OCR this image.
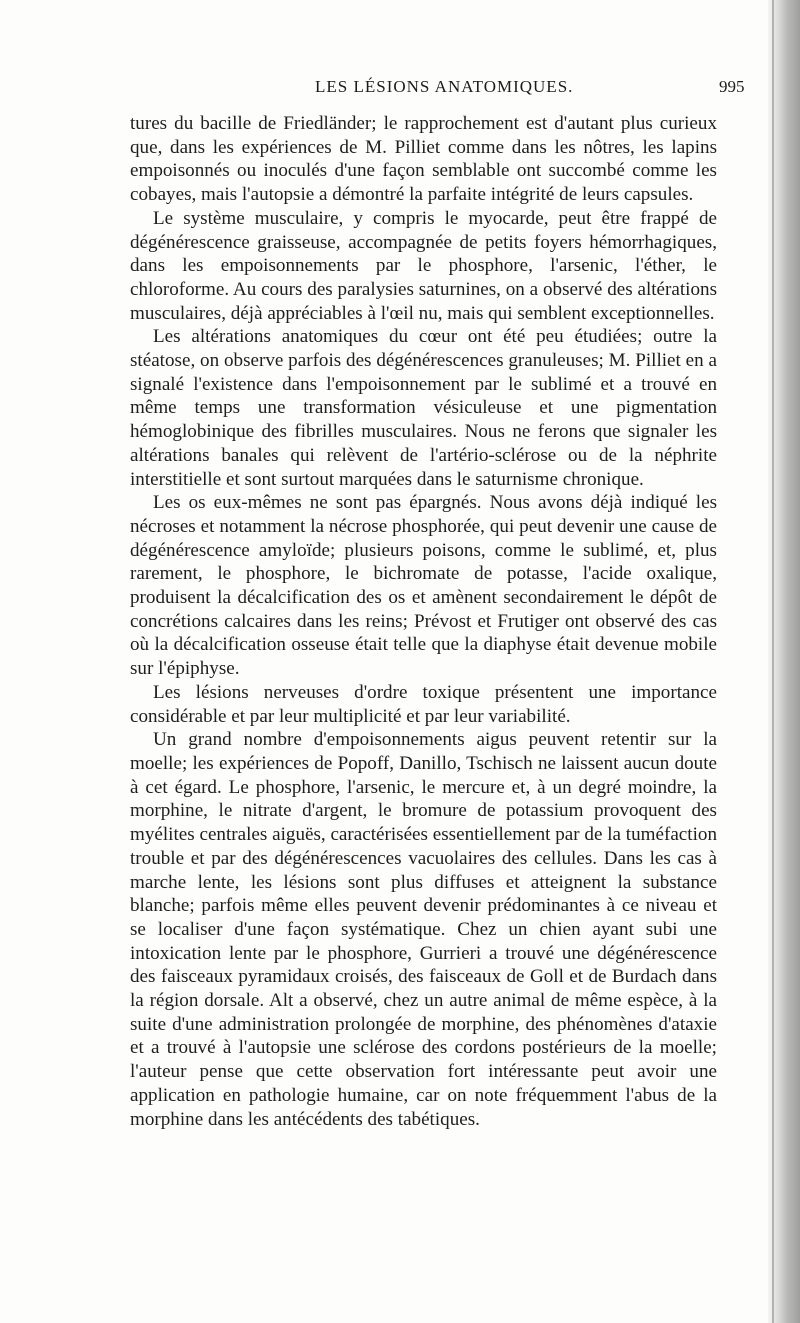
LES LÉSIONS ANATOMIQUES.	995

tures du bacille de Friedländer; le rapprochement est d'autant plus curieux que, dans les expériences de M. Pilliet comme dans les nôtres, les lapins empoisonnés ou inoculés d'une façon semblable ont succombé comme les cobayes, mais l'autopsie a démontré la parfaite intégrité de leurs capsules.

Le système musculaire, y compris le myocarde, peut être frappé de dégénérescence graisseuse, accompagnée de petits foyers hémorrhagiques, dans les empoisonnements par le phosphore, l'arsenic, l'éther, le chloroforme. Au cours des paralysies saturnines, on a observé des altérations musculaires, déjà appréciables à l'œil nu, mais qui semblent exceptionnelles.

Les altérations anatomiques du cœur ont été peu étudiées; outre la stéatose, on observe parfois des dégénérescences granuleuses; M. Pilliet en a signalé l'existence dans l'empoisonnement par le sublimé et a trouvé en même temps une transformation vésiculeuse et une pigmentation hémoglobinique des fibrilles musculaires. Nous ne ferons que signaler les altérations banales qui relèvent de l'artério-sclérose ou de la néphrite interstitielle et sont surtout marquées dans le saturnisme chronique.

Les os eux-mêmes ne sont pas épargnés. Nous avons déjà indiqué les nécroses et notamment la nécrose phosphorée, qui peut devenir une cause de dégénérescence amyloïde; plusieurs poisons, comme le sublimé, et, plus rarement, le phosphore, le bichromate de potasse, l'acide oxalique, produisent la décalcification des os et amènent secondairement le dépôt de concrétions calcaires dans les reins; Prévost et Frutiger ont observé des cas où la décalcification osseuse était telle que la diaphyse était devenue mobile sur l'épiphyse.

Les lésions nerveuses d'ordre toxique présentent une importance considérable et par leur multiplicité et par leur variabilité.

Un grand nombre d'empoisonnements aigus peuvent retentir sur la moelle; les expériences de Popoff, Danillo, Tschisch ne laissent aucun doute à cet égard. Le phosphore, l'arsenic, le mercure et, à un degré moindre, la morphine, le nitrate d'argent, le bromure de potassium provoquent des myélites centrales aiguës, caractérisées essentiellement par de la tuméfaction trouble et par des dégénérescences vacuolaires des cellules. Dans les cas à marche lente, les lésions sont plus diffuses et atteignent la substance blanche; parfois même elles peuvent devenir prédominantes à ce niveau et se localiser d'une façon systématique. Chez un chien ayant subi une intoxication lente par le phosphore, Gurrieri a trouvé une dégénérescence des faisceaux pyramidaux croisés, des faisceaux de Goll et de Burdach dans la région dorsale. Alt a observé, chez un autre animal de même espèce, à la suite d'une administration prolongée de morphine, des phénomènes d'ataxie et a trouvé à l'autopsie une sclérose des cordons postérieurs de la moelle; l'auteur pense que cette observation fort intéressante peut avoir une application en pathologie humaine, car on note fréquemment l'abus de la morphine dans les antécédents des tabétiques.
